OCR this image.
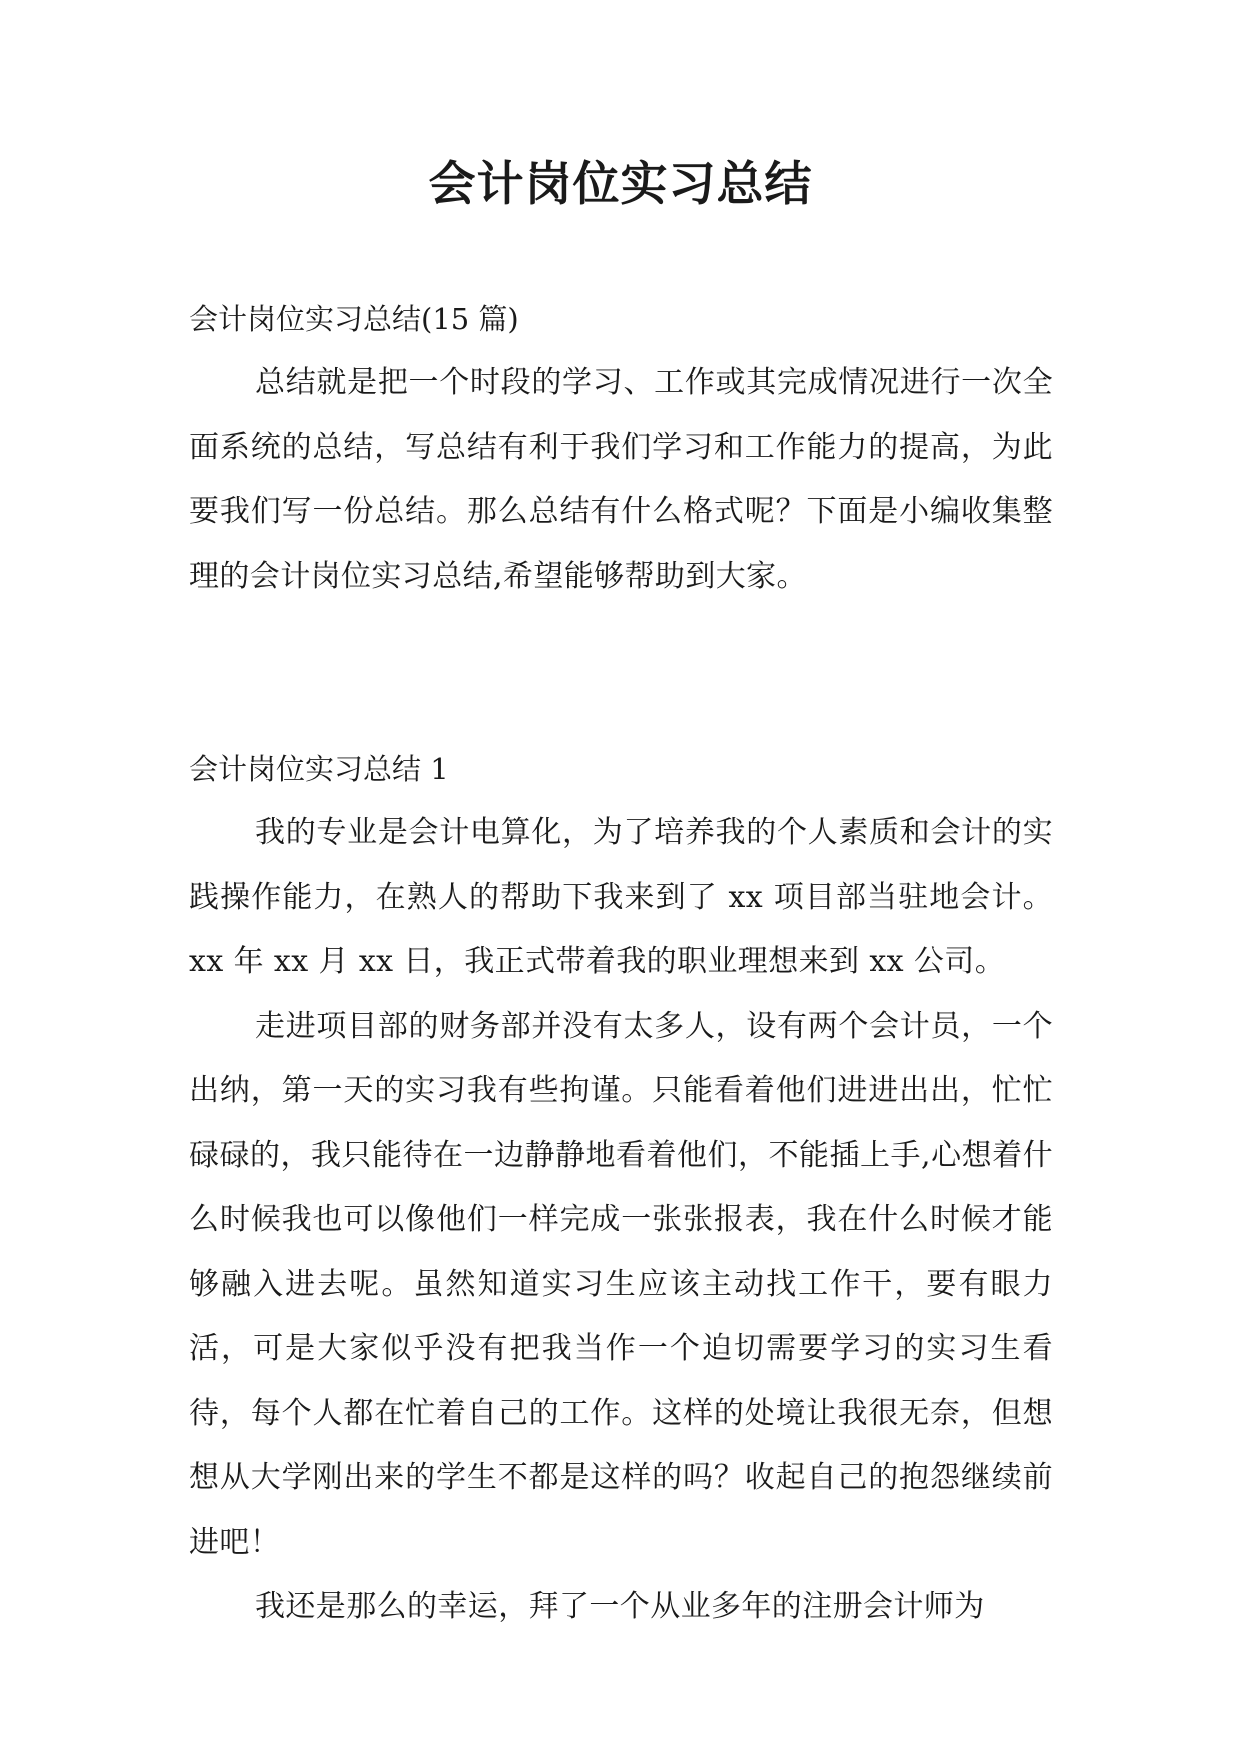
会计岗位实习总结

会计岗位实习总结(15 篇)

总结就是把一个时段的学习、工作或其完成情况进行一次全面系统的总结，写总结有利于我们学习和工作能力的提高，为此要我们写一份总结。那么总结有什么格式呢？下面是小编收集整理的会计岗位实习总结,希望能够帮助到大家。

会计岗位实习总结 1

我的专业是会计电算化，为了培养我的个人素质和会计的实践操作能力，在熟人的帮助下我来到了 xx 项目部当驻地会计。xx 年 xx 月 xx 日，我正式带着我的职业理想来到 xx 公司。

走进项目部的财务部并没有太多人，设有两个会计员，一个出纳，第一天的实习我有些拘谨。只能看着他们进进出出，忙忙碌碌的，我只能待在一边静静地看着他们，不能插上手,心想着什么时候我也可以像他们一样完成一张张报表，我在什么时候才能够融入进去呢。虽然知道实习生应该主动找工作干，要有眼力活，可是大家似乎没有把我当作一个迫切需要学习的实习生看待，每个人都在忙着自己的工作。这样的处境让我很无奈，但想想从大学刚出来的学生不都是这样的吗？收起自己的抱怨继续前进吧！

我还是那么的幸运，拜了一个从业多年的注册会计师为
